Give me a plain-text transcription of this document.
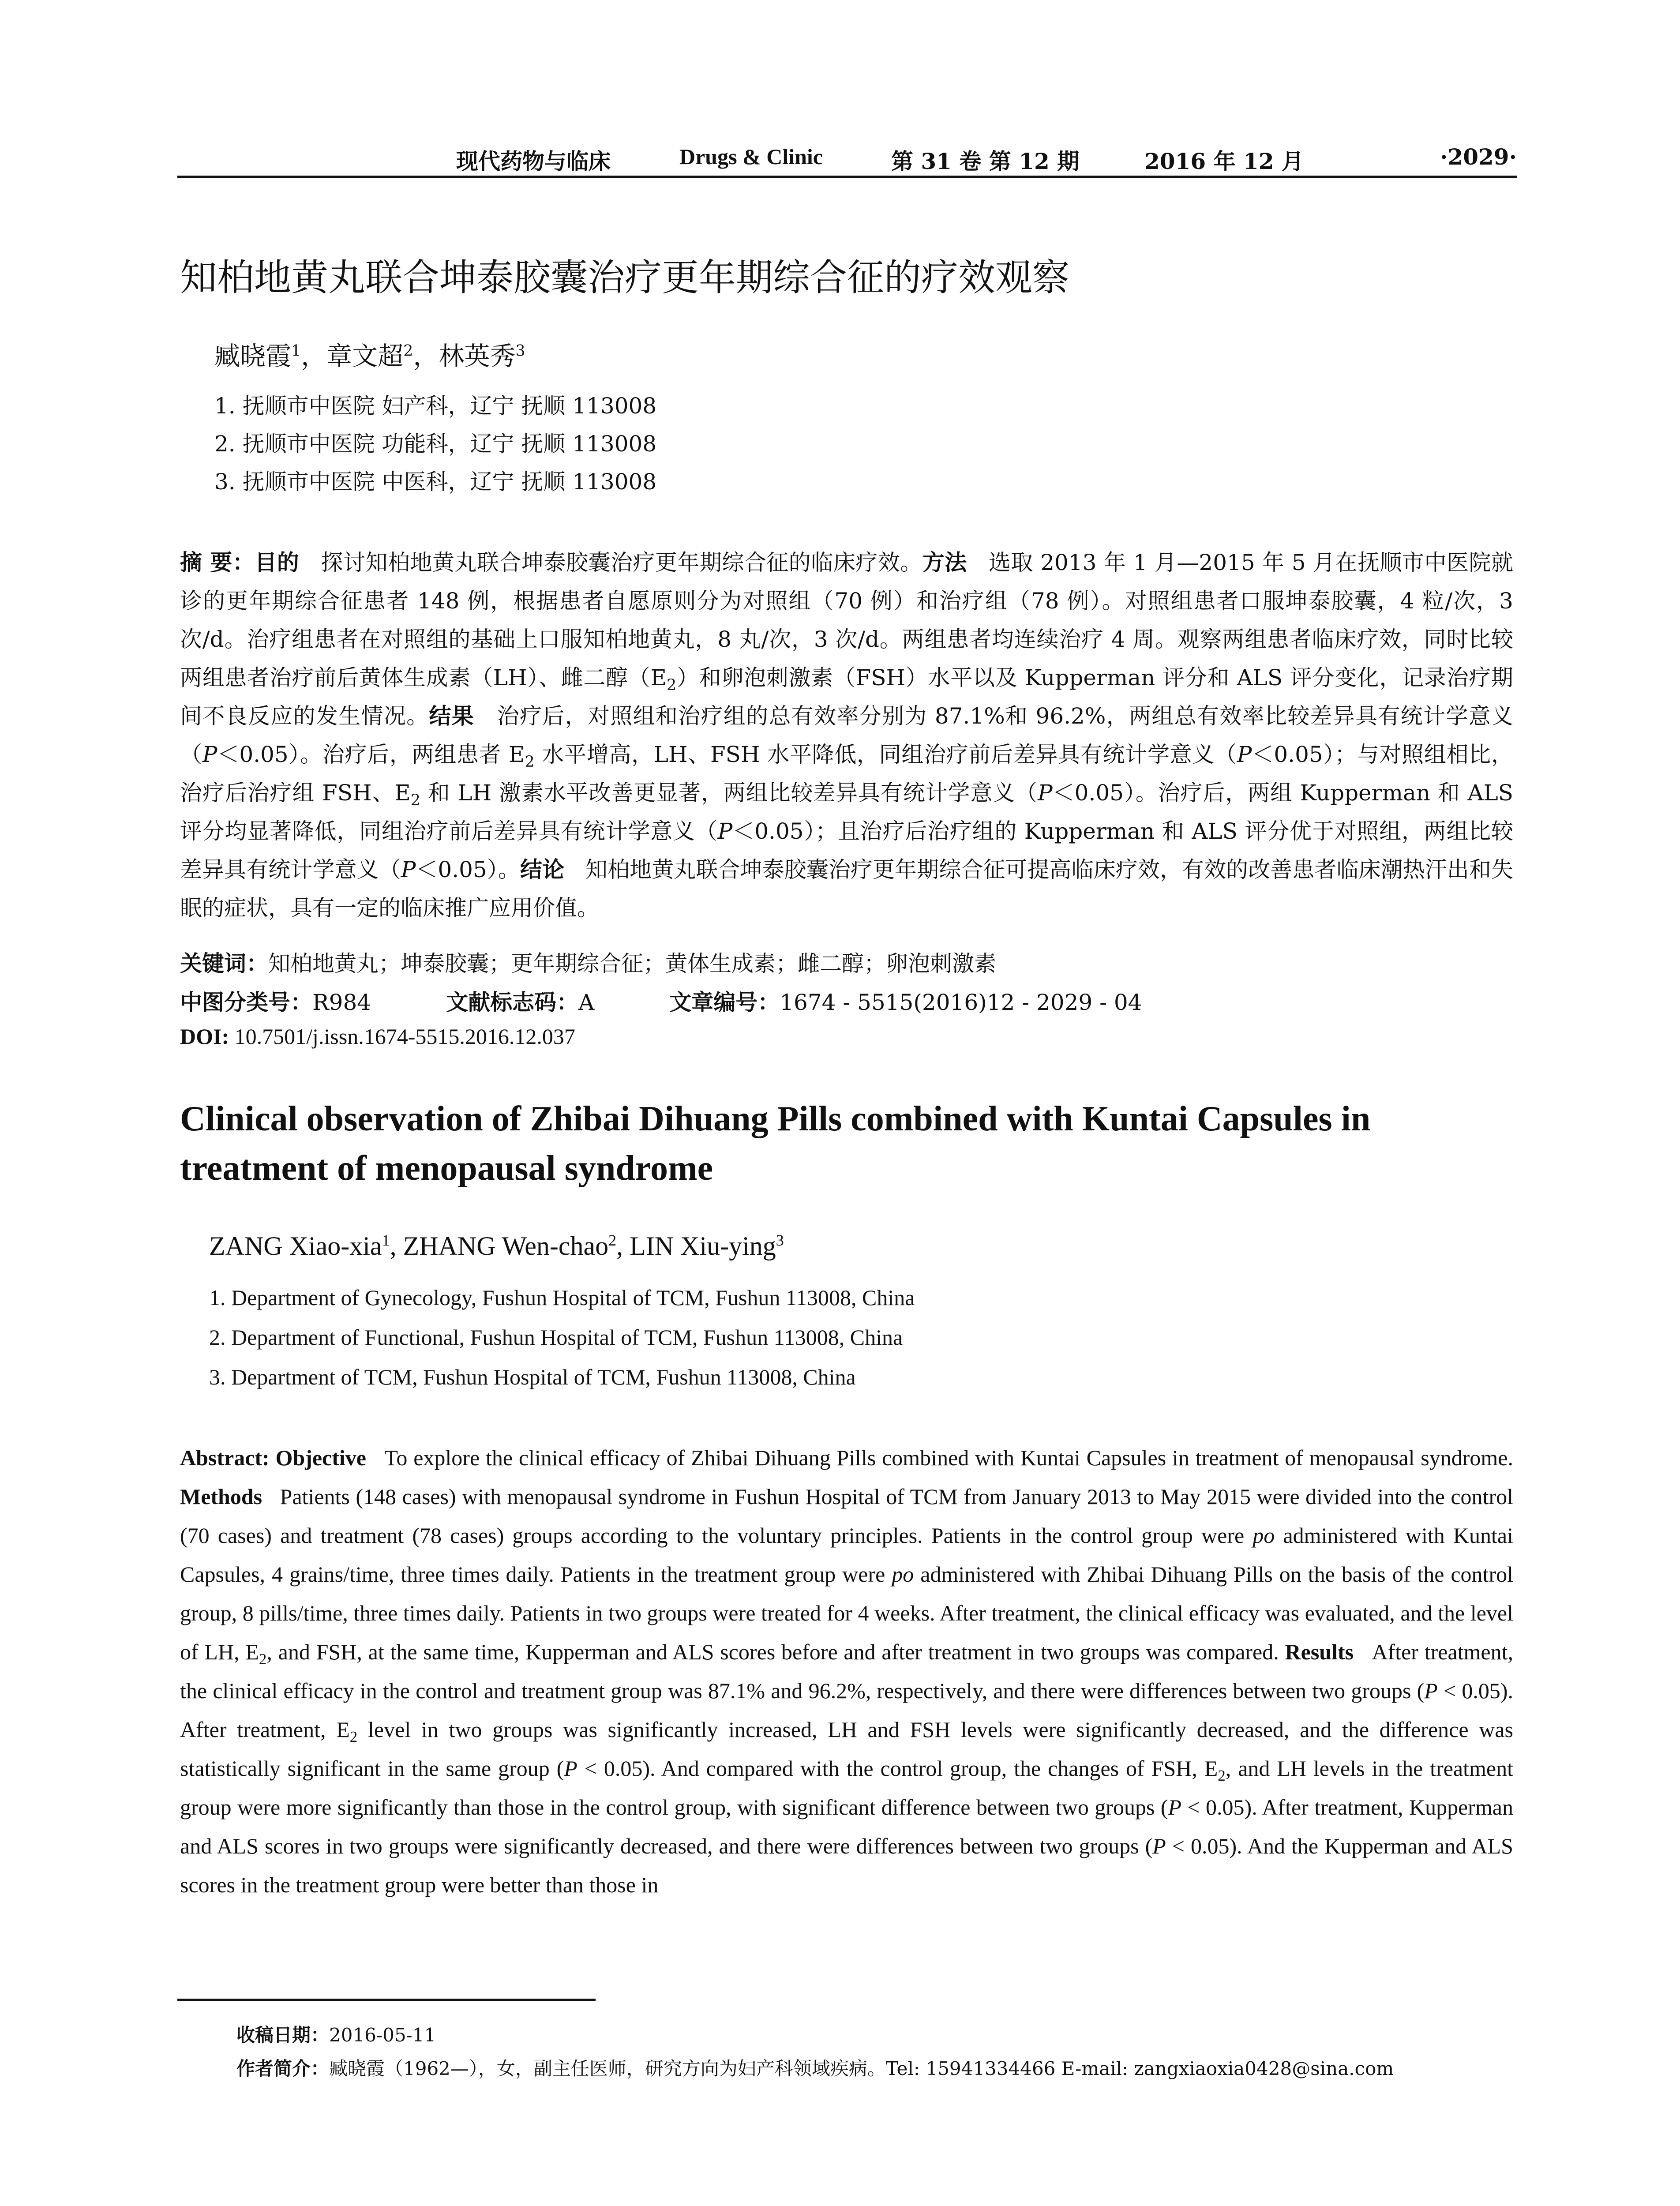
现代药物与临床	Drugs & Clinic	第 31 卷 第 12 期	2016 年 12 月	·2029·
知柏地黄丸联合坤泰胶囊治疗更年期综合征的疗效观察
臧晓霞$^1$，章文超$^2$，林英秀$^3$
1. 抚顺市中医院 妇产科，辽宁 抚顺 113008
2. 抚顺市中医院 功能科，辽宁 抚顺 113008
3. 抚顺市中医院 中医科，辽宁 抚顺 113008
摘 要：目的 探讨知柏地黄丸联合坤泰胶囊治疗更年期综合征的临床疗效。方法 选取 2013 年 1 月—2015 年 5 月在抚顺市中医院就诊的更年期综合征患者 148 例，根据患者自愿原则分为对照组（70 例）和治疗组（78 例）。对照组患者口服坤泰胶囊，4 粒/次，3 次/d。治疗组患者在对照组的基础上口服知柏地黄丸，8 丸/次，3 次/d。两组患者均连续治疗 4 周。观察两组患者临床疗效，同时比较两组患者治疗前后黄体生成素（LH）、雌二醇$(E_2)$和卵泡刺激素（FSH）水平以及 Kupperman 评分和 ALS 评分变化，记录治疗期间不良反应的发生情况。结果 治疗后，对照组和治疗组的总有效率分别为 87.1%和 96.2%，两组总有效率比较差异具有统计学意义（P＜0.05）。治疗后，两组患者 $E_2$ 水平增高，LH、FSH 水平降低，同组治疗前后差异具有统计学意义（P＜0.05）；与对照组相比，治疗后治疗组 FSH、$E_2$ 和 LH 激素水平改善更显著，两组比较差异具有统计学意义（P＜0.05）。治疗后，两组 Kupperman 和 ALS 评分均显著降低，同组治疗前后差异具有统计学意义（P＜0.05）；且治疗后治疗组的 Kupperman 和 ALS 评分优于对照组，两组比较差异具有统计学意义（P＜0.05）。结论 知柏地黄丸联合坤泰胶囊治疗更年期综合征可提高临床疗效，有效的改善患者临床潮热汗出和失眠的症状，具有一定的临床推广应用价值。
关键词：知柏地黄丸；坤泰胶囊；更年期综合征；黄体生成素；雌二醇；卵泡刺激素
中图分类号：R984	文献标志码：A	文章编号：1674 - 5515(2016)12 - 2029 - 04
DOI: 10.7501/j.issn.1674-5515.2016.12.037
Clinical observation of Zhibai Dihuang Pills combined with Kuntai Capsules in treatment of menopausal syndrome
ZANG Xiao-xia$^1$, ZHANG Wen-chao$^2$, LIN Xiu-ying$^3$
1. Department of Gynecology, Fushun Hospital of TCM, Fushun 113008, China
2. Department of Functional, Fushun Hospital of TCM, Fushun 113008, China
3. Department of TCM, Fushun Hospital of TCM, Fushun 113008, China
Abstract: Objective To explore the clinical efficacy of Zhibai Dihuang Pills combined with Kuntai Capsules in treatment of menopausal syndrome. Methods Patients (148 cases) with menopausal syndrome in Fushun Hospital of TCM from January 2013 to May 2015 were divided into the control (70 cases) and treatment (78 cases) groups according to the voluntary principles. Patients in the control group were po administered with Kuntai Capsules, 4 grains/time, three times daily. Patients in the treatment group were po administered with Zhibai Dihuang Pills on the basis of the control group, 8 pills/time, three times daily. Patients in two groups were treated for 4 weeks. After treatment, the clinical efficacy was evaluated, and the level of LH, $E_2$, and FSH, at the same time, Kupperman and ALS scores before and after treatment in two groups was compared. Results After treatment, the clinical efficacy in the control and treatment group was 87.1% and 96.2%, respectively, and there were differences between two groups (P < 0.05). After treatment, $E_2$ level in two groups was significantly increased, LH and FSH levels were significantly decreased, and the difference was statistically significant in the same group (P < 0.05). And compared with the control group, the changes of FSH, $E_2$, and LH levels in the treatment group were more significantly than those in the control group, with significant difference between two groups (P < 0.05). After treatment, Kupperman and ALS scores in two groups were significantly decreased, and there were differences between two groups (P < 0.05). And the Kupperman and ALS scores in the treatment group were better than those in
收稿日期：2016-05-11
作者简介：臧晓霞（1962—），女，副主任医师，研究方向为妇产科领域疾病。Tel: 15941334466 E-mail: zangxiaoxia0428@sina.com
